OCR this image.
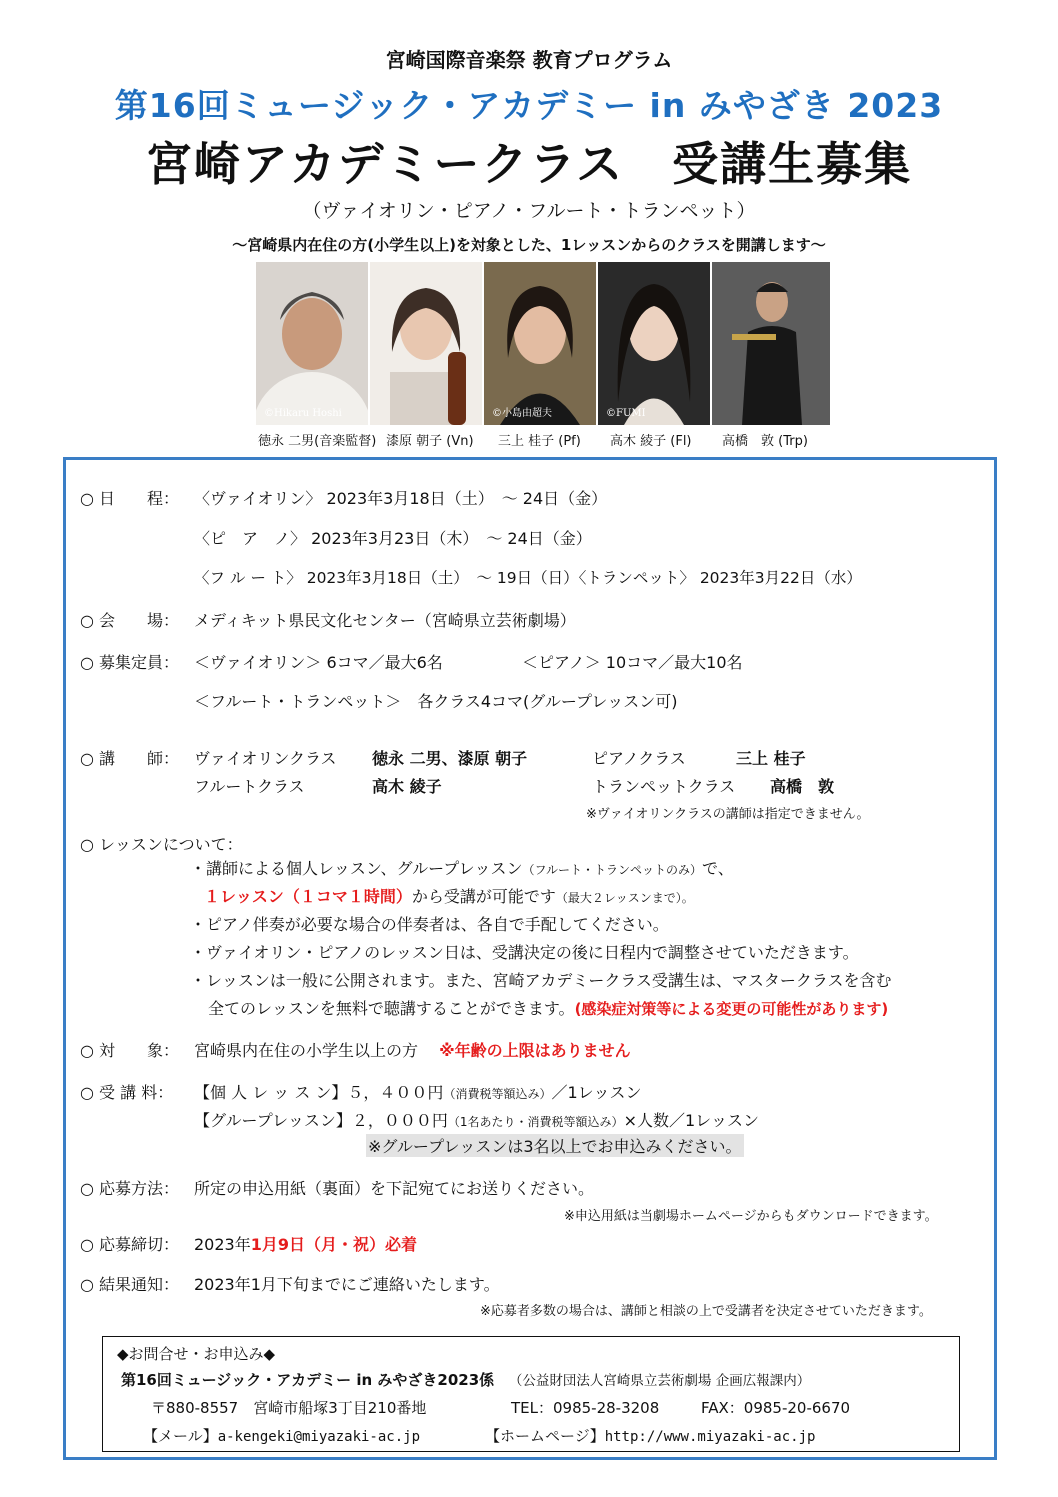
宮崎国際音楽祭 教育プログラム
第16回ミュージック・アカデミー in みやざき 2023
宮崎アカデミークラス　受講生募集
（ヴァイオリン・ピアノ・フルート・トランペット）
～宮崎県内在住の方(小学生以上)を対象とした、1レッスンからのクラスを開講します～
©Hikaru Hoshi	©小島由超夫	©FUMI
徳永 二男(音楽監督) 漆原 朝子 (Vn) 三上 桂子 (Pf) 高木 綾子 (Fl) 高橋　敦 (Trp)
○ 日　　程： 〈ヴァイオリン〉 2023年3月18日（土）　～ 24日（金）
〈ピ　ア　ノ〉 2023年3月23日（木）　～ 24日（金）
〈フ ル ー ト〉 2023年3月18日（土）　～ 19日（日）〈トランペット〉 2023年3月22日（水）
○ 会　　場： メディキット県民文化センター（宮崎県立芸術劇場）
○ 募集定員： ＜ヴァイオリン＞ 6コマ／最大6名	＜ピアノ＞ 10コマ／最大10名
＜フルート・トランペット＞　各クラス4コマ(グループレッスン可)
○ 講　　師： ヴァイオリンクラス 徳永 二男、漆原 朝子	ピアノクラス	三上 桂子
フルートクラス	高木 綾子	トランペットクラス 高橋　敦
※ヴァイオリンクラスの講師は指定できません。
○ レッスンについて：
・講師による個人レッスン、グループレッスン（フルート・トランペットのみ）で、
１レッスン（１コマ１時間）から受講が可能です（最大２レッスンまで）。
・ピアノ伴奏が必要な場合の伴奏者は、各自で手配してください。
・ヴァイオリン・ピアノのレッスン日は、受講決定の後に日程内で調整させていただきます。
・レッスンは一般に公開されます。また、宮崎アカデミークラス受講生は、マスタークラスを含む
全てのレッスンを無料で聴講することができます。(感染症対策等による変更の可能性があります)
○ 対　　象： 宮崎県内在住の小学生以上の方 ※年齢の上限はありません
○ 受 講 料： 【個 人 レ ッ ス ン】５，４００円（消費税等額込み）／1レッスン
【グループレッスン】２，０００円（1名あたり・消費税等額込み）×人数／1レッスン
※グループレッスンは3名以上でお申込みください。
○ 応募方法： 所定の申込用紙（裏面）を下記宛てにお送りください。
※申込用紙は当劇場ホームページからもダウンロードできます。
○ 応募締切： 2023年1月9日（月・祝）必着
○ 結果通知： 2023年1月下旬までにご連絡いたします。
※応募者多数の場合は、講師と相談の上で受講者を決定させていただきます。
◆お問合せ・お申込み◆
第16回ミュージック・アカデミー in みやざき2023係 （公益財団法人宮崎県立芸術劇場 企画広報課内）
〒880-8557　宮崎市船塚3丁目210番地	TEL：0985-28-3208	FAX：0985-20-6670
【メール】a-kengeki@miyazaki-ac.jp	【ホームページ】http://www.miyazaki-ac.jp
